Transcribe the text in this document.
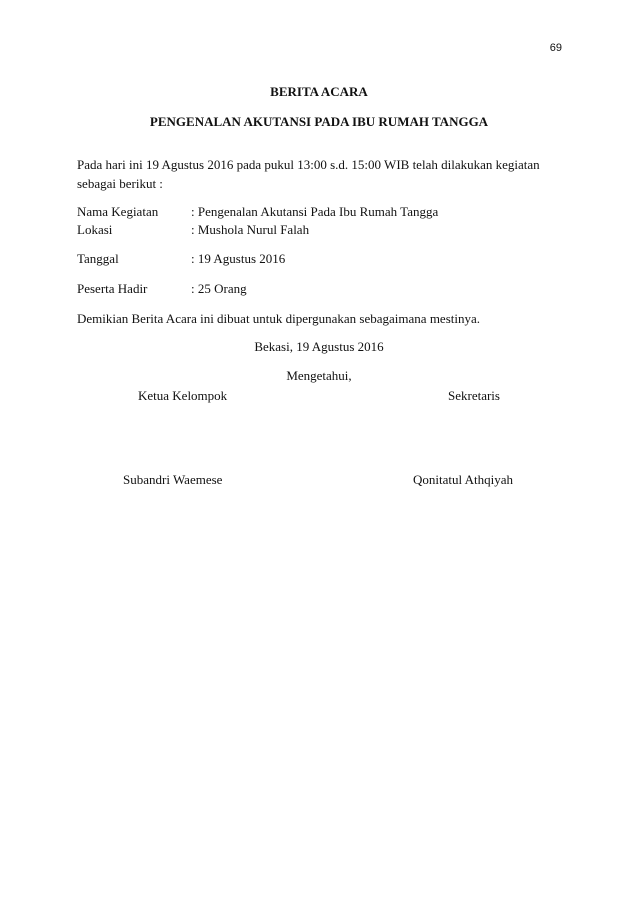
69
BERITA ACARA
PENGENALAN AKUTANSI PADA IBU RUMAH TANGGA
Pada hari ini 19 Agustus 2016 pada pukul 13:00 s.d. 15:00 WIB telah dilakukan kegiatan sebagai berikut :
Nama Kegiatan	: Pengenalan Akutansi Pada Ibu Rumah Tangga
Lokasi	: Mushola Nurul Falah
Tanggal	: 19 Agustus 2016
Peserta Hadir	: 25 Orang
Demikian Berita Acara ini dibuat untuk dipergunakan sebagaimana mestinya.
Bekasi, 19 Agustus 2016
Mengetahui,
Ketua Kelompok	Sekretaris
Subandri Waemese	Qonitatul Athqiyah
